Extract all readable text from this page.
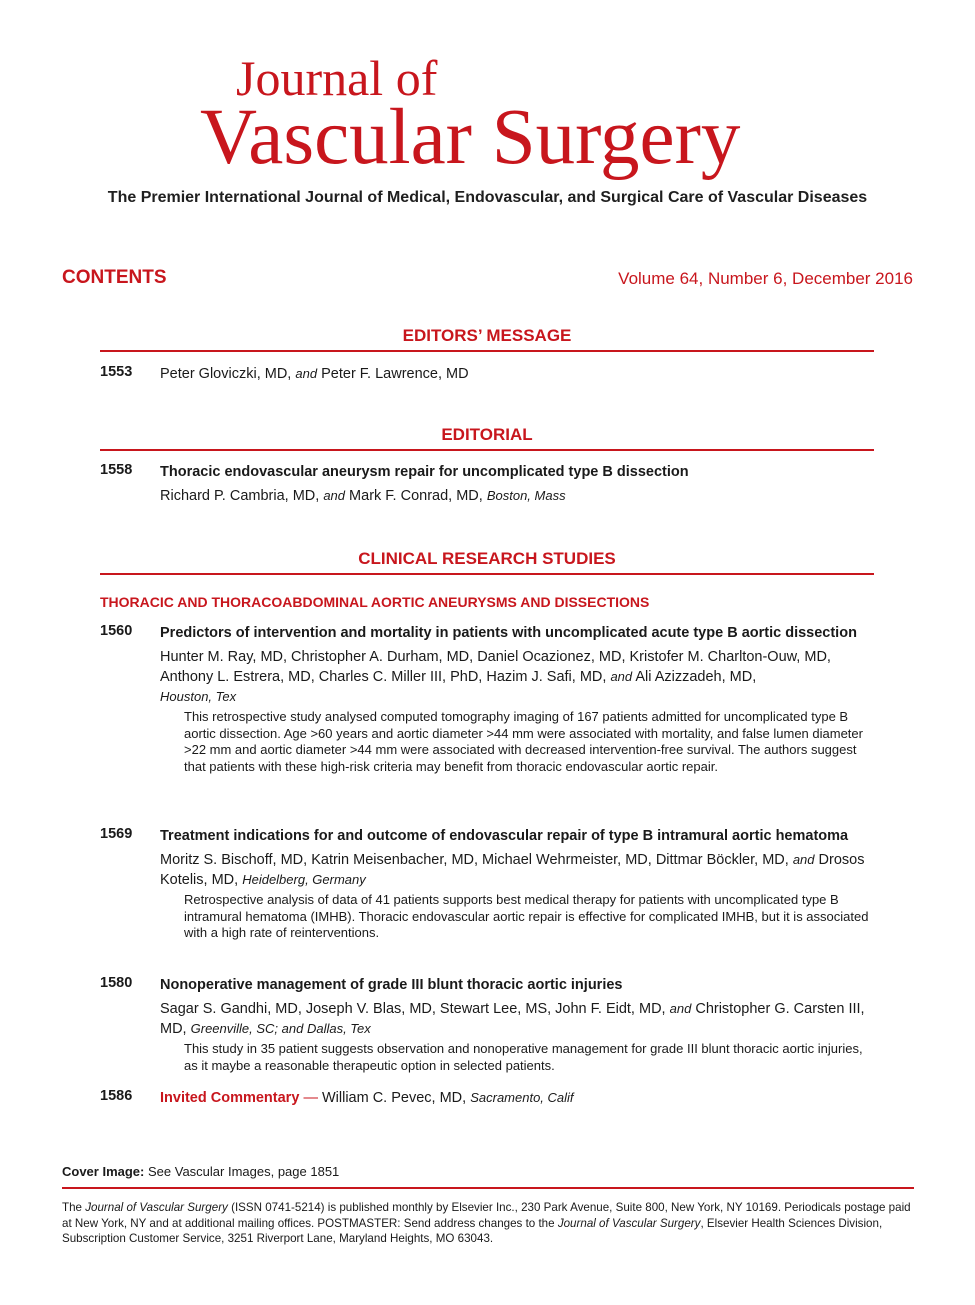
Journal of
Vascular Surgery
The Premier International Journal of Medical, Endovascular, and Surgical Care of Vascular Diseases
CONTENTS	Volume 64, Number 6, December 2016
EDITORS’ MESSAGE
1553 Peter Gloviczki, MD, and Peter F. Lawrence, MD
EDITORIAL
1558 Thoracic endovascular aneurysm repair for uncomplicated type B dissection
Richard P. Cambria, MD, and Mark F. Conrad, MD, Boston, Mass
CLINICAL RESEARCH STUDIES
THORACIC AND THORACOABDOMINAL AORTIC ANEURYSMS AND DISSECTIONS
1560 Predictors of intervention and mortality in patients with uncomplicated acute type B aortic dissection
Hunter M. Ray, MD, Christopher A. Durham, MD, Daniel Ocazionez, MD, Kristofer M. Charlton-Ouw, MD, Anthony L. Estrera, MD, Charles C. Miller III, PhD, Hazim J. Safi, MD, and Ali Azizzadeh, MD,
Houston, Tex
This retrospective study analysed computed tomography imaging of 167 patients admitted for uncomplicated type B aortic dissection. Age >60 years and aortic diameter >44 mm were associated with mortality, and false lumen diameter >22 mm and aortic diameter >44 mm were associated with decreased intervention-free survival. The authors suggest that patients with these high-risk criteria may benefit from thoracic endovascular aortic repair.
1569 Treatment indications for and outcome of endovascular repair of type B intramural aortic hematoma
Moritz S. Bischoff, MD, Katrin Meisenbacher, MD, Michael Wehrmeister, MD, Dittmar Böckler, MD, and Drosos Kotelis, MD, Heidelberg, Germany
Retrospective analysis of data of 41 patients supports best medical therapy for patients with uncomplicated type B intramural hematoma (IMHB). Thoracic endovascular aortic repair is effective for complicated IMHB, but it is associated with a high rate of reinterventions.
1580 Nonoperative management of grade III blunt thoracic aortic injuries
Sagar S. Gandhi, MD, Joseph V. Blas, MD, Stewart Lee, MS, John F. Eidt, MD, and Christopher G. Carsten III, MD, Greenville, SC; and Dallas, Tex
This study in 35 patient suggests observation and nonoperative management for grade III blunt thoracic aortic injuries, as it maybe a reasonable therapeutic option in selected patients.
1586 Invited Commentary — William C. Pevec, MD, Sacramento, Calif
Cover Image: See Vascular Images, page 1851
The Journal of Vascular Surgery (ISSN 0741-5214) is published monthly by Elsevier Inc., 230 Park Avenue, Suite 800, New York, NY 10169. Periodicals postage paid at New York, NY and at additional mailing offices. POSTMASTER: Send address changes to the Journal of Vascular Surgery, Elsevier Health Sciences Division, Subscription Customer Service, 3251 Riverport Lane, Maryland Heights, MO 63043.
